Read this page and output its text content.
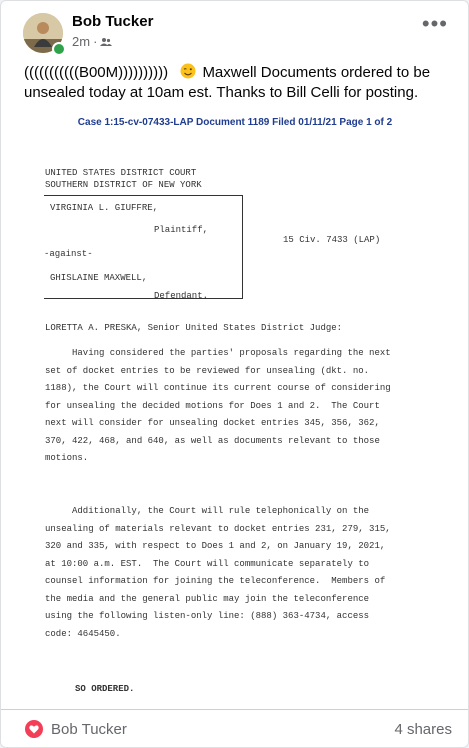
Bob Tucker
2m ·
•••
(((((((((((B00M)))))))))) Maxwell Documents ordered to be unsealed today at 10am est. Thanks to Bill Celli for posting.
Case 1:15-cv-07433-LAP Document 1189 Filed 01/11/21 Page 1 of 2
UNITED STATES DISTRICT COURT
SOUTHERN DISTRICT OF NEW YORK
VIRGINIA L. GIUFFRE,
Plaintiff,
-against-
GHISLAINE MAXWELL,
Defendant.
15 Civ. 7433 (LAP)
LORETTA A. PRESKA, Senior United States District Judge:
Having considered the parties' proposals regarding the next
set of docket entries to be reviewed for unsealing (dkt. no.
1188), the Court will continue its current course of considering
for unsealing the decided motions for Does 1 and 2.  The Court
next will consider for unsealing docket entries 345, 356, 362,
370, 422, 468, and 640, as well as documents relevant to those
motions.
Additionally, the Court will rule telephonically on the
unsealing of materials relevant to docket entries 231, 279, 315,
320 and 335, with respect to Does 1 and 2, on January 19, 2021,
at 10:00 a.m. EST.  The Court will communicate separately to
counsel information for joining the teleconference.  Members of
the media and the general public may join the teleconference
using the following listen-only line: (888) 363-4734, access
code: 4645450.
SO ORDERED.
Bob Tucker	4 shares
